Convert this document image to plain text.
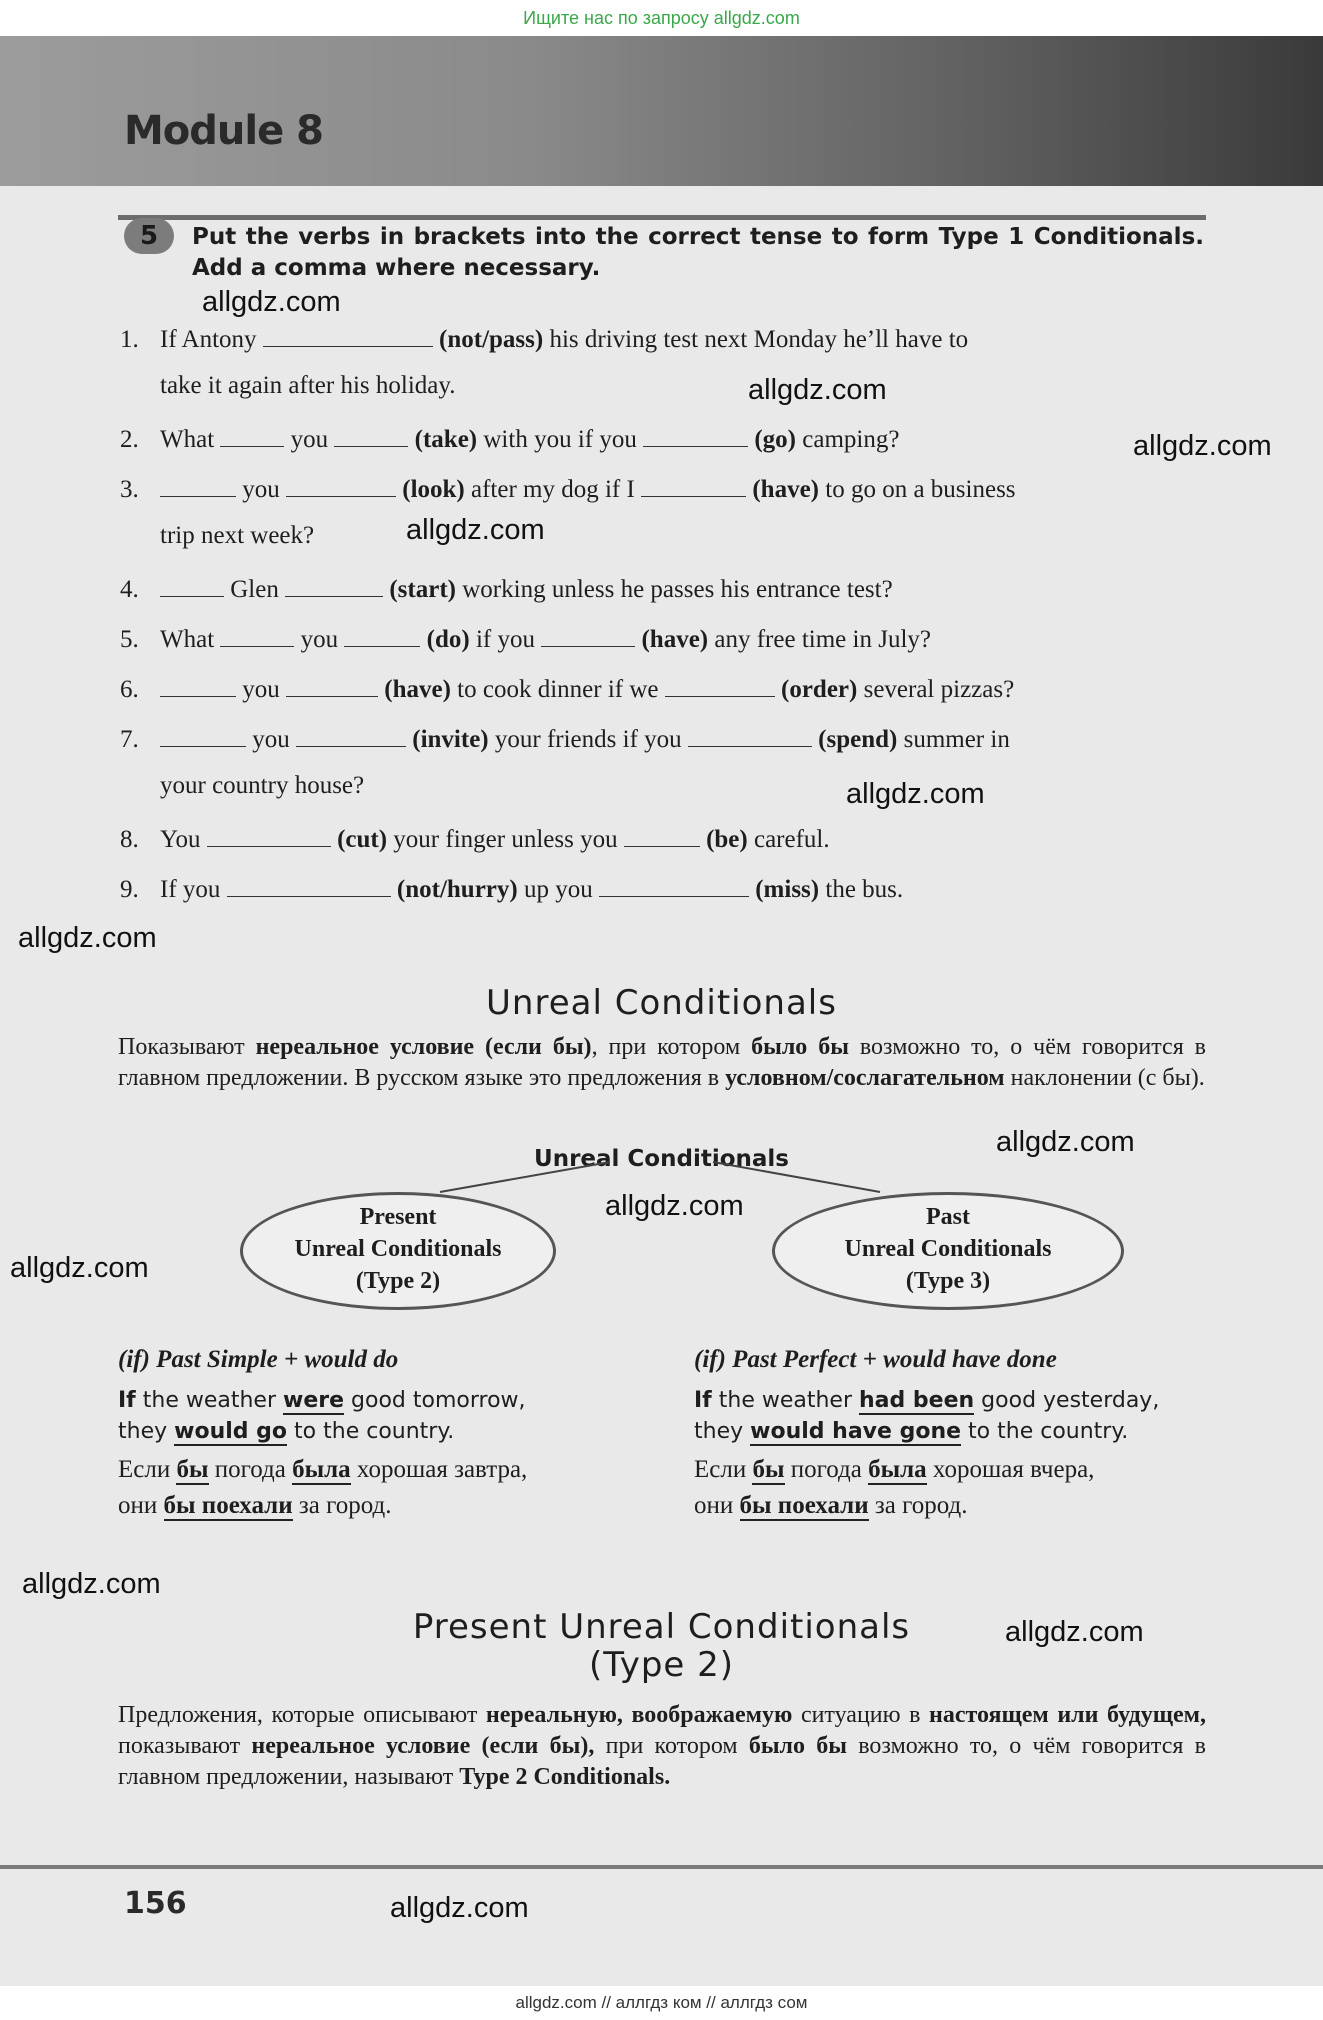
Ищите нас по запросу allgdz.com
Module 8
5	Put the verbs in brackets into the correct tense to form Type 1 Conditionals. Add a comma where necessary.
1. If Antony	(not/pass) his driving test next Monday he’ll have to
take it again after his holiday.
2. What	you	(take) with you if you	(go) camping?
3.	you	(look) after my dog if I	(have) to go on a business
trip next week?
4.	Glen	(start) working unless he passes his entrance test?
5. What	you	(do) if you	(have) any free time in July?
6.	you	(have) to cook dinner if we	(order) several pizzas?
7.	you	(invite) your friends if you	(spend) summer in
your country house?
8. You	(cut) your finger unless you	(be) careful.
9. If you	(not/hurry) up you	(miss) the bus.
Unreal Conditionals
Показывают нереальное условие (если бы), при котором было бы возможно то, о чём говорится в главном предложении. В русском языке это предложения в условном/сослагательном наклонении (с бы).
Unreal Conditionals
Present
Unreal Conditionals
(Type 2)
Past
Unreal Conditionals
(Type 3)
(if) Past Simple + would do	(if) Past Perfect + would have done
If the weather were good tomorrow,
they would go to the country.
Если бы погода была хорошая завтра,
они бы поехали за город.
If the weather had been good yesterday,
they would have gone to the country.
Если бы погода была хорошая вчера,
они бы поехали за город.
Present Unreal Conditionals
(Type 2)
Предложения, которые описывают нереальную, воображаемую ситуацию в настоящем или будущем, показывают нереальное условие (если бы), при котором было бы возможно то, о чём говорится в главном предложении, называют Type 2 Conditionals.
156
allgdz.com
allgdz.com
allgdz.com
allgdz.com
allgdz.com
allgdz.com
allgdz.com
allgdz.com
allgdz.com
allgdz.com
allgdz.com
allgdz.com
allgdz.com // аллгдз ком // аллгдз сом
